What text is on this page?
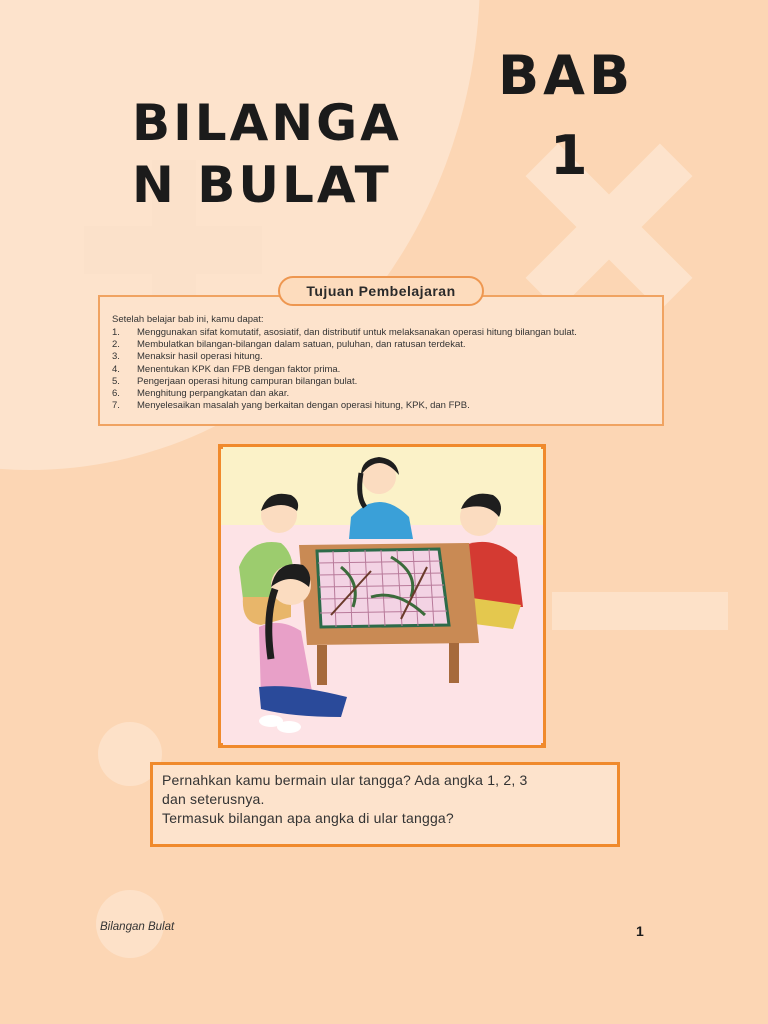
BILANGA
N BULAT
BAB
1
Setelah belajar bab ini, kamu dapat:
1. Menggunakan sifat komutatif, asosiatif, dan distributif untuk melaksanakan operasi hitung bilangan bulat.
2. Membulatkan bilangan-bilangan dalam satuan, puluhan, dan ratusan terdekat.
3. Menaksir hasil operasi hitung.
4. Menentukan KPK dan FPB dengan faktor prima.
5. Pengerjaan operasi hitung campuran bilangan bulat.
6. Menghitung perpangkatan dan akar.
7. Menyelesaikan masalah yang berkaitan dengan operasi hitung, KPK, dan FPB.
Tujuan Pembelajaran

Pernahkan kamu bermain ular tangga? Ada angka 1, 2, 3

dan seterusnya.

Termasuk bilangan apa angka di ular tangga?

Bilangan Bulat	1
